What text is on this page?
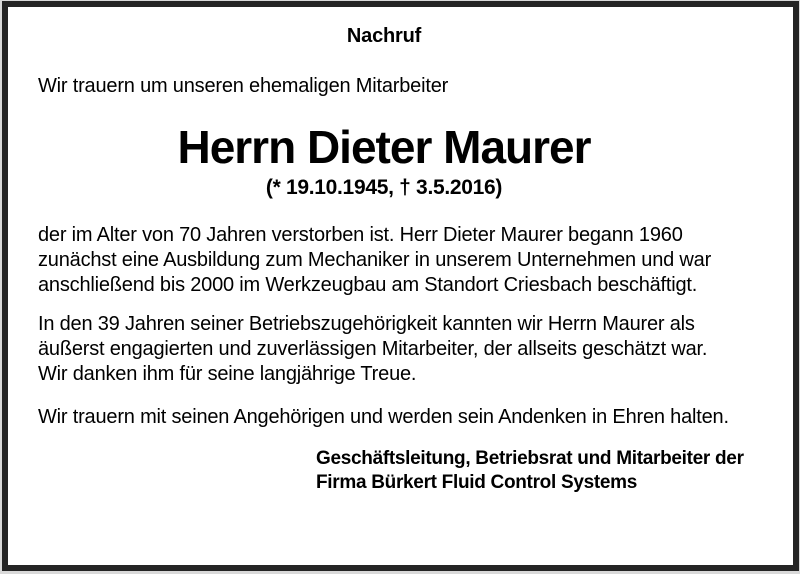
Nachruf
Wir trauern um unseren ehemaligen Mitarbeiter
Herrn Dieter Maurer
(* 19.10.1945, † 3.5.2016)

der im Alter von 70 Jahren verstorben ist. Herr Dieter Maurer begann 1960 zunächst eine Ausbildung zum Mechaniker in unserem Unternehmen und war anschließend bis 2000 im Werkzeugbau am Standort Criesbach beschäftigt.

In den 39 Jahren seiner Betriebszugehörigkeit kannten wir Herrn Maurer als äußerst engagierten und zuverlässigen Mitarbeiter, der allseits geschätzt war. Wir danken ihm für seine langjährige Treue.

Wir trauern mit seinen Angehörigen und werden sein Andenken in Ehren halten.

Geschäftsleitung, Betriebsrat und Mitarbeiter der
Firma Bürkert Fluid Control Systems
